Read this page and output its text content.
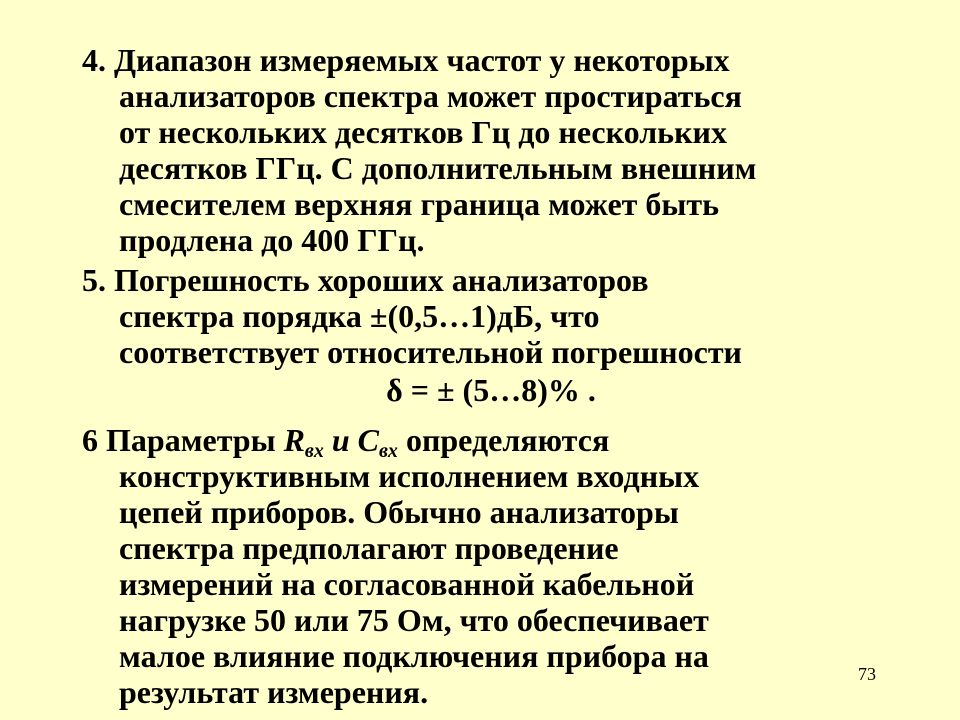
4. Диапазон измеряемых частот у некоторых
анализаторов спектра может простираться
от нескольких десятков Гц до нескольких
десятков ГГц. С дополнительным внешним
смесителем верхняя граница может быть
продлена до 400 ГГц.
5. Погрешность хороших анализаторов
спектра порядка ±(0,5…1)дБ, что
соответствует относительной погрешности
δ = ± (5…8)% .
6 Параметры $R_{вх}$ и $С_{вх}$ определяются
конструктивным исполнением входных
цепей приборов. Обычно анализаторы
спектра предполагают проведение
измерений на согласованной кабельной
нагрузке 50 или 75 Ом, что обеспечивает
малое влияние подключения прибора на
результат измерения.	73
